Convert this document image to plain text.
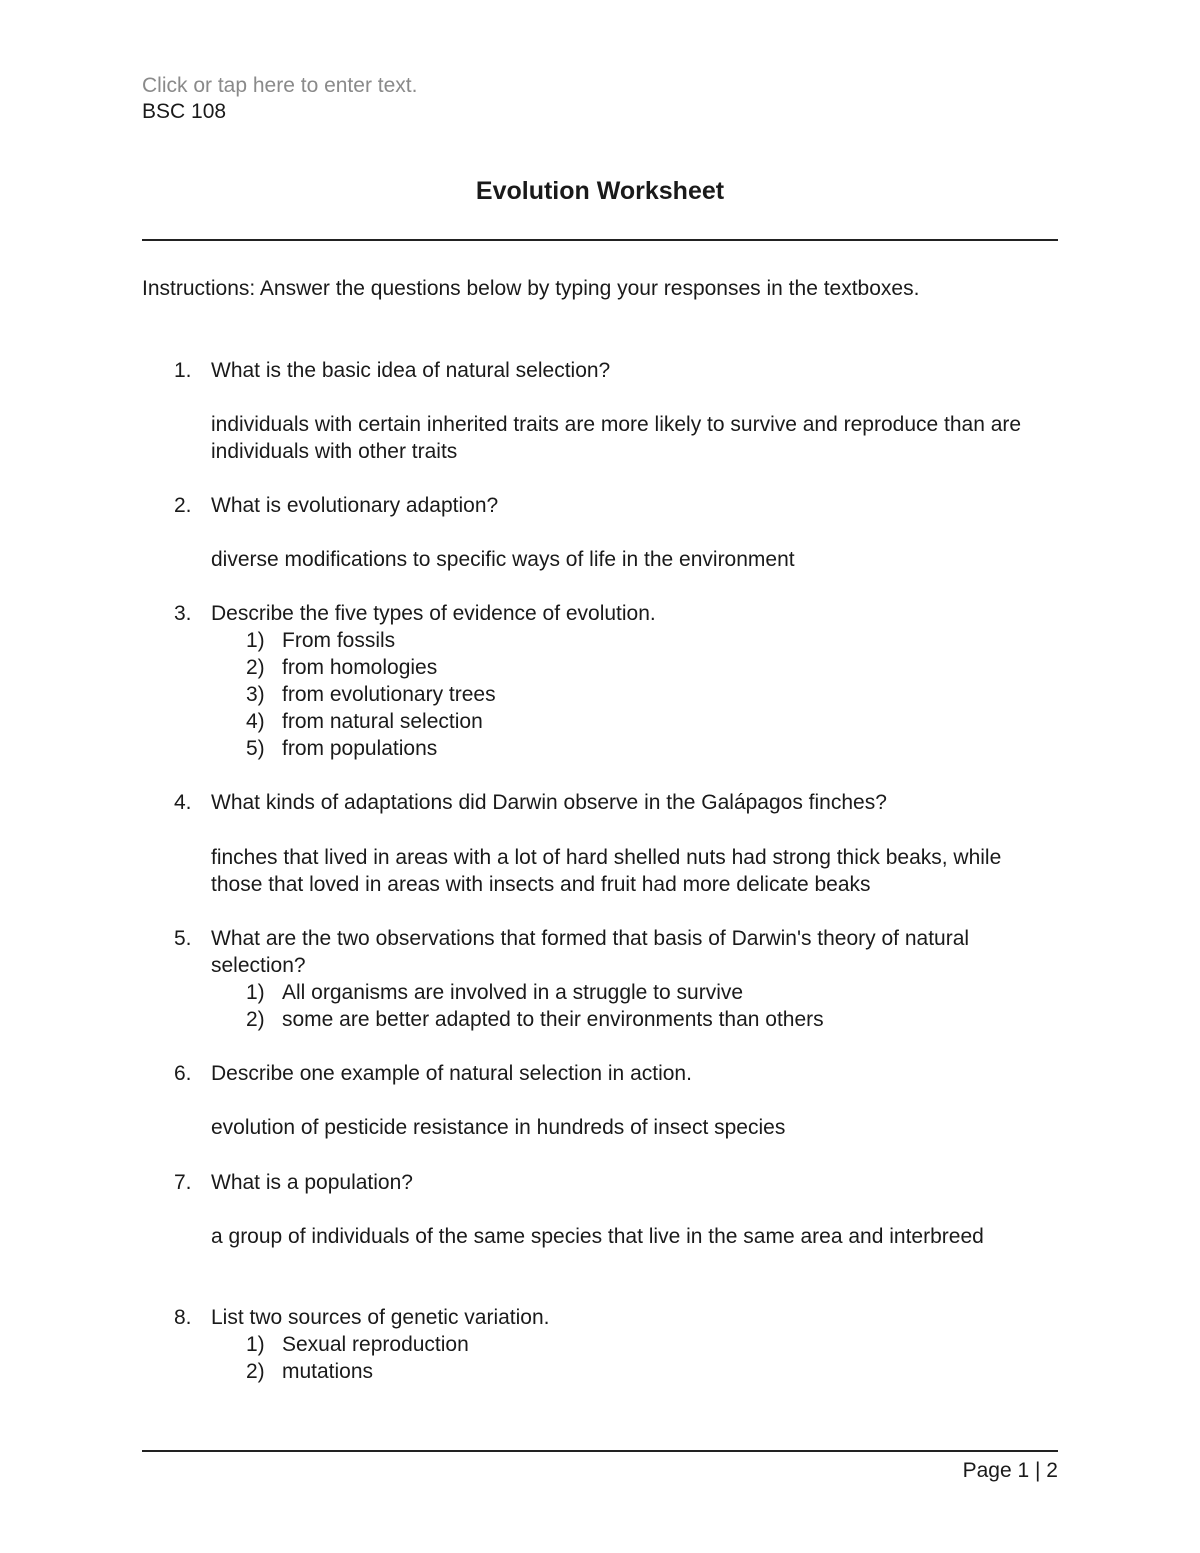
Click or tap here to enter text.
BSC 108
Evolution Worksheet
Instructions: Answer the questions below by typing your responses in the textboxes.
1. What is the basic idea of natural selection?
individuals with certain inherited traits are more likely to survive and reproduce than are individuals with other traits
2. What is evolutionary adaption?
diverse modifications to specific ways of life in the environment
3. Describe the five types of evidence of evolution.
1) From fossils
2) from homologies
3) from evolutionary trees
4) from natural selection
5) from populations
4. What kinds of adaptations did Darwin observe in the Galápagos finches?
finches that lived in areas with a lot of hard shelled nuts had strong thick beaks, while those that loved in areas with insects and fruit had more delicate beaks
5. What are the two observations that formed that basis of Darwin's theory of natural selection?
1) All organisms are involved in a struggle to survive
2) some are better adapted to their environments than others
6. Describe one example of natural selection in action.
evolution of pesticide resistance in hundreds of insect species
7. What is a population?
a group of individuals of the same species that live in the same area and interbreed
8. List two sources of genetic variation.
1) Sexual reproduction
2) mutations
Page 1 | 2
